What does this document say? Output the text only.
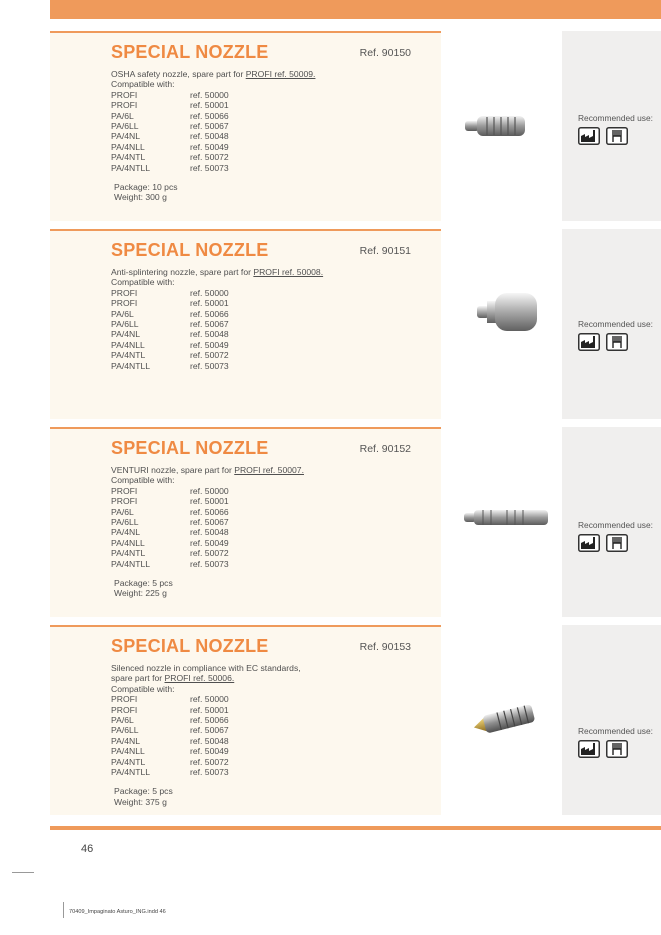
SPECIAL NOZZLE	Ref. 90150
OSHA safety nozzle, spare part for PROFI ref. 50009.
Compatible with:
PROFI	ref. 50000
PROFI	ref. 50001
PA/6L	ref. 50066
PA/6LL	ref. 50067
PA/4NL	ref. 50048
PA/4NLL	ref. 50049
PA/4NTL	ref. 50072
PA/4NTLL	ref. 50073
Package: 10 pcs
Weight: 300 g
Recommended use:
SPECIAL NOZZLE	Ref. 90151
Anti-splintering nozzle, spare part for PROFI ref. 50008.
Compatible with:
PROFI	ref. 50000
PROFI	ref. 50001
PA/6L	ref. 50066
PA/6LL	ref. 50067
PA/4NL	ref. 50048
PA/4NLL	ref. 50049
PA/4NTL	ref. 50072
PA/4NTLL	ref. 50073
Recommended use:
SPECIAL NOZZLE	Ref. 90152
VENTURI nozzle, spare part for PROFI ref. 50007.
Compatible with:
PROFI	ref. 50000
PROFI	ref. 50001
PA/6L	ref. 50066
PA/6LL	ref. 50067
PA/4NL	ref. 50048
PA/4NLL	ref. 50049
PA/4NTL	ref. 50072
PA/4NTLL	ref. 50073
Package: 5 pcs
Weight: 225 g
Recommended use:
SPECIAL NOZZLE	Ref. 90153
Silenced nozzle in compliance with EC standards,
spare part for PROFI ref. 50006.
Compatible with:
PROFI	ref. 50000
PROFI	ref. 50001
PA/6L	ref. 50066
PA/6LL	ref. 50067
PA/4NL	ref. 50048
PA/4NLL	ref. 50049
PA/4NTL	ref. 50072
PA/4NTLL	ref. 50073
Package: 5 pcs
Weight: 375 g
Recommended use:
46
70409_Impaginato Asturo_ING.indd 46
